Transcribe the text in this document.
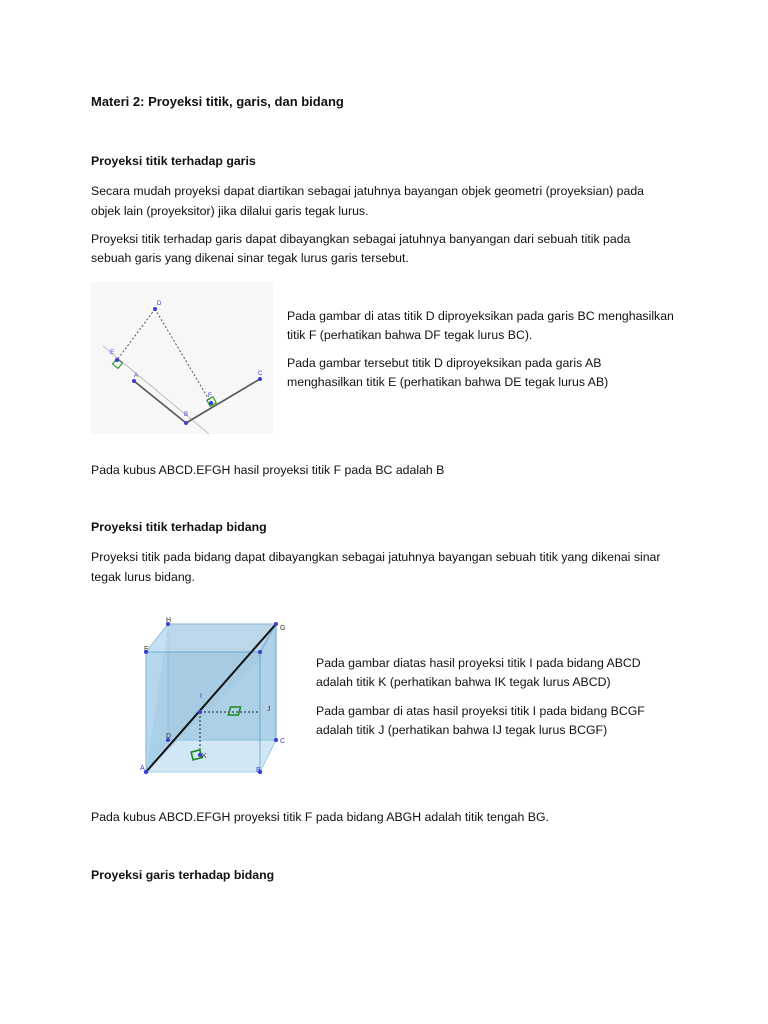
Materi 2: Proyeksi titik, garis, dan bidang
Proyeksi titik terhadap garis
Secara mudah proyeksi dapat diartikan sebagai jatuhnya bayangan objek geometri (proyeksian) pada
objek lain (proyeksitor) jika dilalui garis tegak lurus.
Proyeksi titik terhadap garis dapat dibayangkan sebagai jatuhnya banyangan dari sebuah titik pada
sebuah garis yang dikenai sinar tegak lurus garis tersebut.
D
E
A
B
C
F
Pada gambar di atas titik D diproyeksikan pada garis BC menghasilkan
titik F (perhatikan bahwa DF tegak lurus BC).
Pada gambar tersebut titik D diproyeksikan pada garis AB
menghasilkan titik E (perhatikan bahwa DE tegak lurus AB)
Pada kubus ABCD.EFGH hasil proyeksi titik F pada BC adalah B
Proyeksi titik terhadap bidang
Proyeksi titik pada bidang dapat dibayangkan sebagai jatuhnya bayangan sebuah titik yang dikenai sinar
tegak lurus bidang.
A	B
C
D
E
G
H
I
J
K
Pada gambar diatas hasil proyeksi titik I pada bidang ABCD
adalah titik K (perhatikan bahwa IK tegak lurus ABCD)
Pada gambar di atas hasil proyeksi titik I pada bidang BCGF
adalah titik J (perhatikan bahwa IJ tegak lurus BCGF)
Pada kubus ABCD.EFGH proyeksi titik F pada bidang ABGH adalah titik tengah BG.
Proyeksi garis terhadap bidang
